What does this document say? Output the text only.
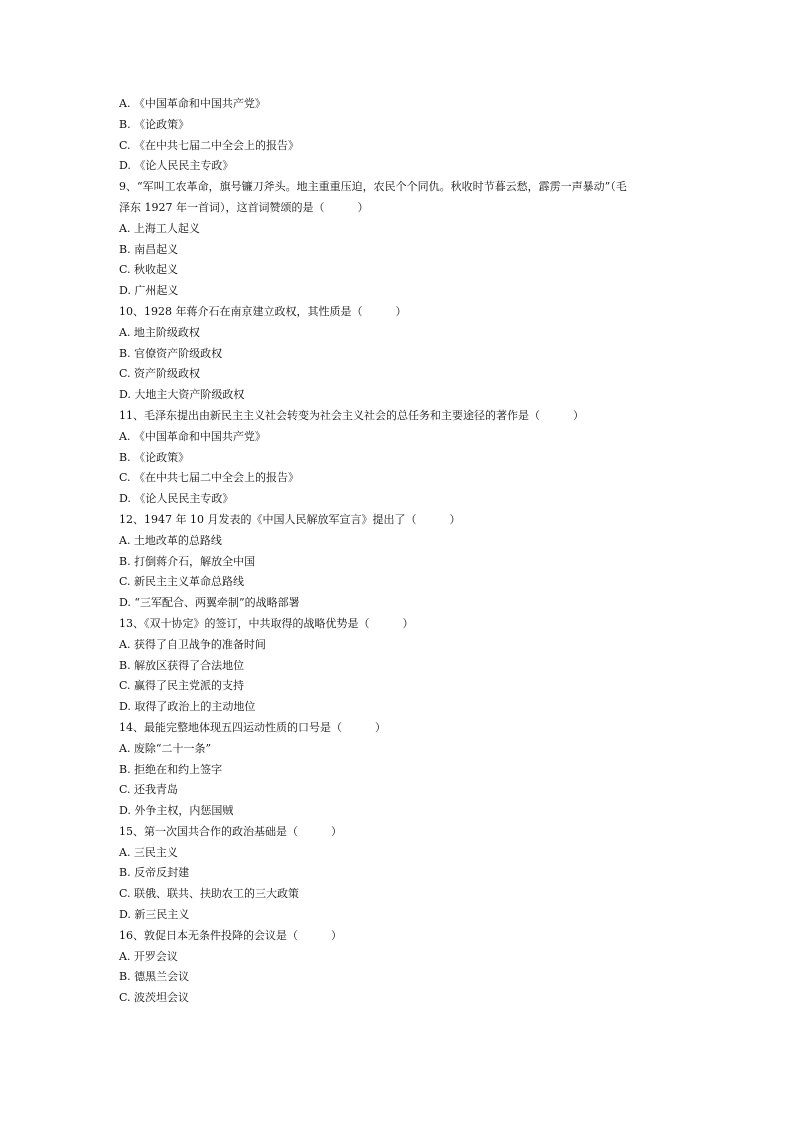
A. 《中国革命和中国共产党》
B. 《论政策》
C. 《在中共七届二中全会上的报告》
D. 《论人民民主专政》
9、“军叫工农革命，旗号镰刀斧头。地主重重压迫，农民个个同仇。秋收时节暮云愁，霹雳一声暴动”（毛
泽东 1927 年一首词），这首词赞颂的是（　　　）
A. 上海工人起义
B. 南昌起义
C. 秋收起义
D. 广州起义
10、1928 年蒋介石在南京建立政权，其性质是（　　　）
A. 地主阶级政权
B. 官僚资产阶级政权
C. 资产阶级政权
D. 大地主大资产阶级政权
11、毛泽东提出由新民主主义社会转变为社会主义社会的总任务和主要途径的著作是（　　　）
A. 《中国革命和中国共产党》
B. 《论政策》
C. 《在中共七届二中全会上的报告》
D. 《论人民民主专政》
12、1947 年 10 月发表的《中国人民解放军宣言》提出了（　　　）
A. 土地改革的总路线
B. 打倒蒋介石，解放全中国
C. 新民主主义革命总路线
D. “三军配合、两翼牵制”的战略部署
13、《双十协定》的签订，中共取得的战略优势是（　　　）
A. 获得了自卫战争的准备时间
B. 解放区获得了合法地位
C. 赢得了民主党派的支持
D. 取得了政治上的主动地位
14、最能完整地体现五四运动性质的口号是（　　　）
A. 废除“二十一条”
B. 拒绝在和约上签字
C. 还我青岛
D. 外争主权，内惩国贼
15、第一次国共合作的政治基础是（　　　）
A. 三民主义
B. 反帝反封建
C. 联俄、联共、扶助农工的三大政策
D. 新三民主义
16、敦促日本无条件投降的会议是（　　　）
A. 开罗会议
B. 德黑兰会议
C. 波茨坦会议
